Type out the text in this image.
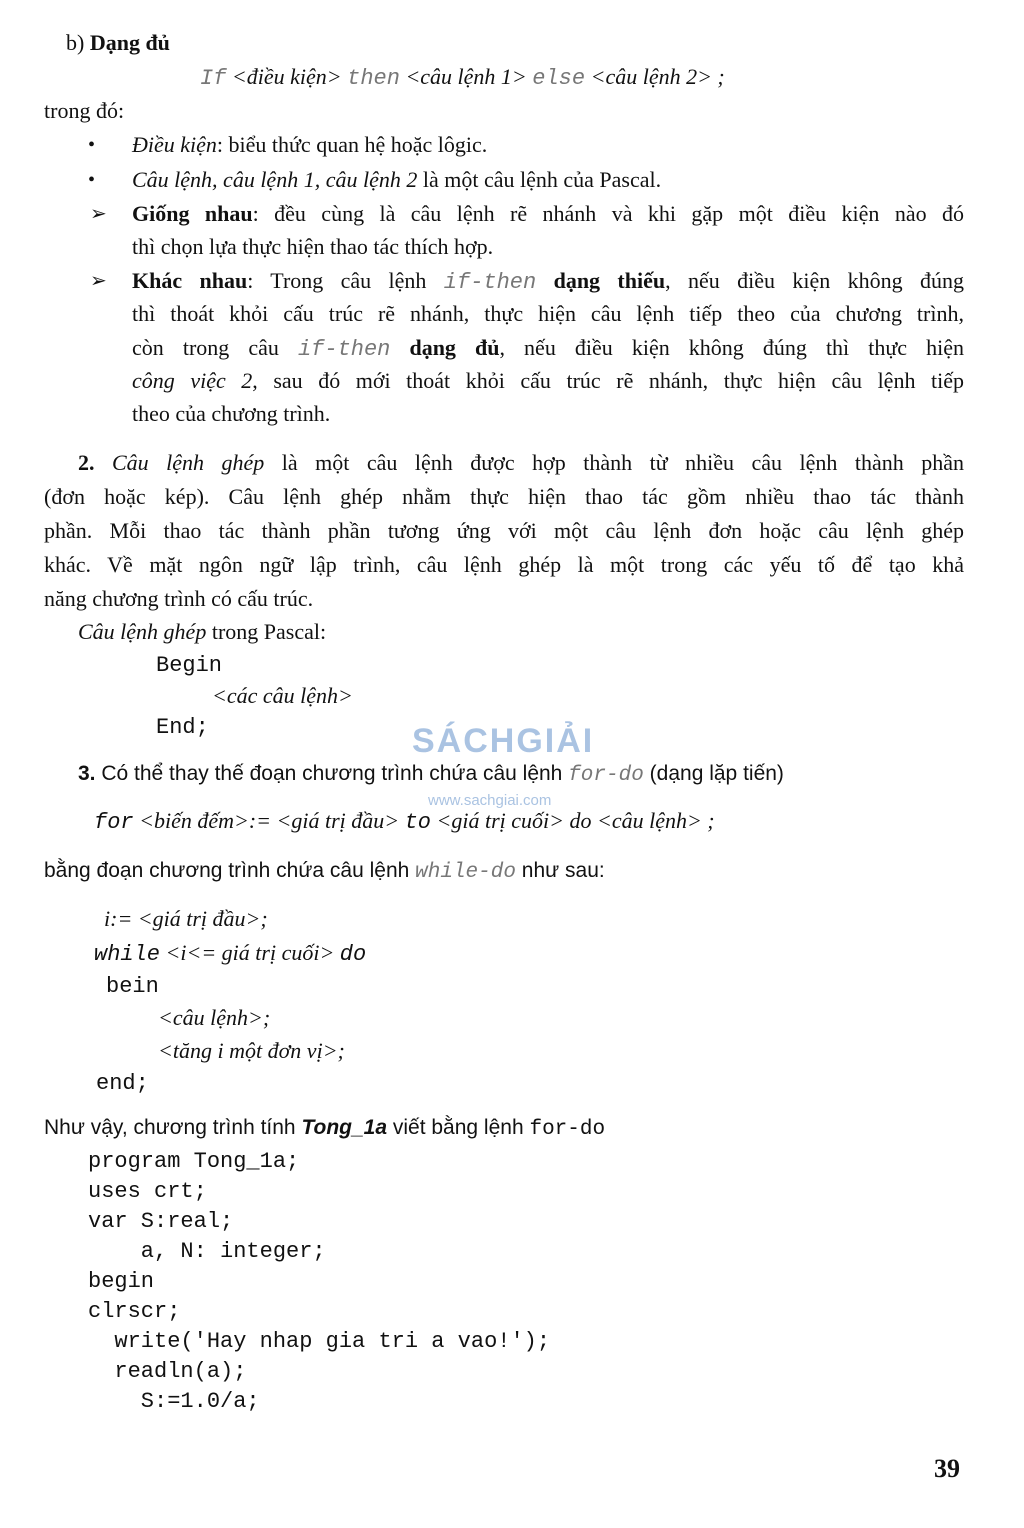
b) Dạng đủ
If <điều kiện> then <câu lệnh 1> else <câu lệnh 2> ;
trong đó:
• Điều kiện: biểu thức quan hệ hoặc lôgic.
• Câu lệnh, câu lệnh 1, câu lệnh 2 là một câu lệnh của Pascal.
➢ Giống nhau: đều cùng là câu lệnh rẽ nhánh và khi gặp một điều kiện nào đó
thì chọn lựa thực hiện thao tác thích hợp.
➢ Khác nhau: Trong câu lệnh if-then dạng thiếu, nếu điều kiện không đúng
thì thoát khỏi cấu trúc rẽ nhánh, thực hiện câu lệnh tiếp theo của chương trình,
còn trong câu if-then dạng đủ, nếu điều kiện không đúng thì thực hiện
công việc 2, sau đó mới thoát khỏi cấu trúc rẽ nhánh, thực hiện câu lệnh tiếp
theo của chương trình.
2. Câu lệnh ghép là một câu lệnh được hợp thành từ nhiều câu lệnh thành phần
(đơn hoặc kép). Câu lệnh ghép nhằm thực hiện thao tác gồm nhiều thao tác thành
phần. Mỗi thao tác thành phần tương ứng với một câu lệnh đơn hoặc câu lệnh ghép
khác. Về mặt ngôn ngữ lập trình, câu lệnh ghép là một trong các yếu tố để tạo khả
năng chương trình có cấu trúc.
Câu lệnh ghép trong Pascal:
Begin
<các câu lệnh>
End;	SÁCHGIẢI
www.sachgiai.com
3. Có thể thay thế đoạn chương trình chứa câu lệnh for-do (dạng lặp tiến)
for <biến đếm>:= <giá trị đầu> to <giá trị cuối> do <câu lệnh> ;
bằng đoạn chương trình chứa câu lệnh while-do như sau:
i:= <giá trị đầu>;
while <i<= giá trị cuối> do
bein
<câu lệnh>;
<tăng i một đơn vị>;
end;
Như vậy, chương trình tính Tong_1a viết bằng lệnh for-do
program Tong_1a;
uses crt;
var S:real;
a, N: integer;
begin
clrscr;
write('Hay nhap gia tri a vao!');
readln(a);
S:=1.0/a;
39
